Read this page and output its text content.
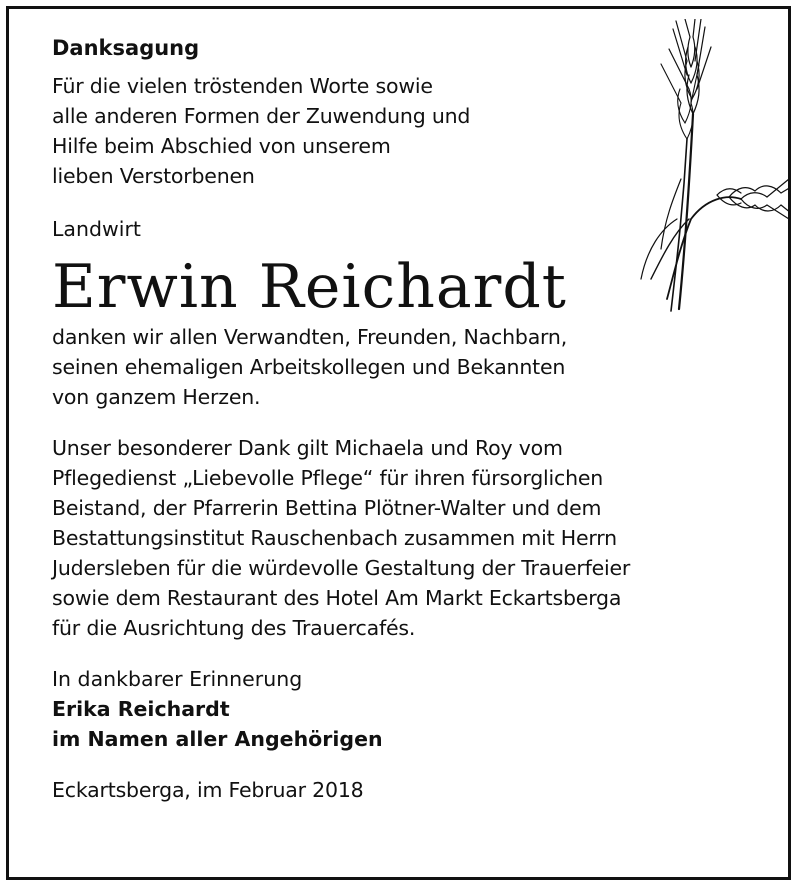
Danksagung

Für die vielen tröstenden Worte sowie
alle anderen Formen der Zuwendung und
Hilfe beim Abschied von unserem
lieben Verstorbenen

Landwirt

Erwin Reichardt

danken wir allen Verwandten, Freunden, Nachbarn,
seinen ehemaligen Arbeitskollegen und Bekannten
von ganzem Herzen.

Unser besonderer Dank gilt Michaela und Roy vom
Pflegedienst „Liebevolle Pflege“ für ihren fürsorglichen
Beistand, der Pfarrerin Bettina Plötner-Walter und dem
Bestattungsinstitut Rauschenbach zusammen mit Herrn
Judersleben für die würdevolle Gestaltung der Trauerfeier
sowie dem Restaurant des Hotel Am Markt Eckartsberga
für die Ausrichtung des Trauercafés.

In dankbarer Erinnerung
Erika Reichardt
im Namen aller Angehörigen

Eckartsberga, im Februar 2018
